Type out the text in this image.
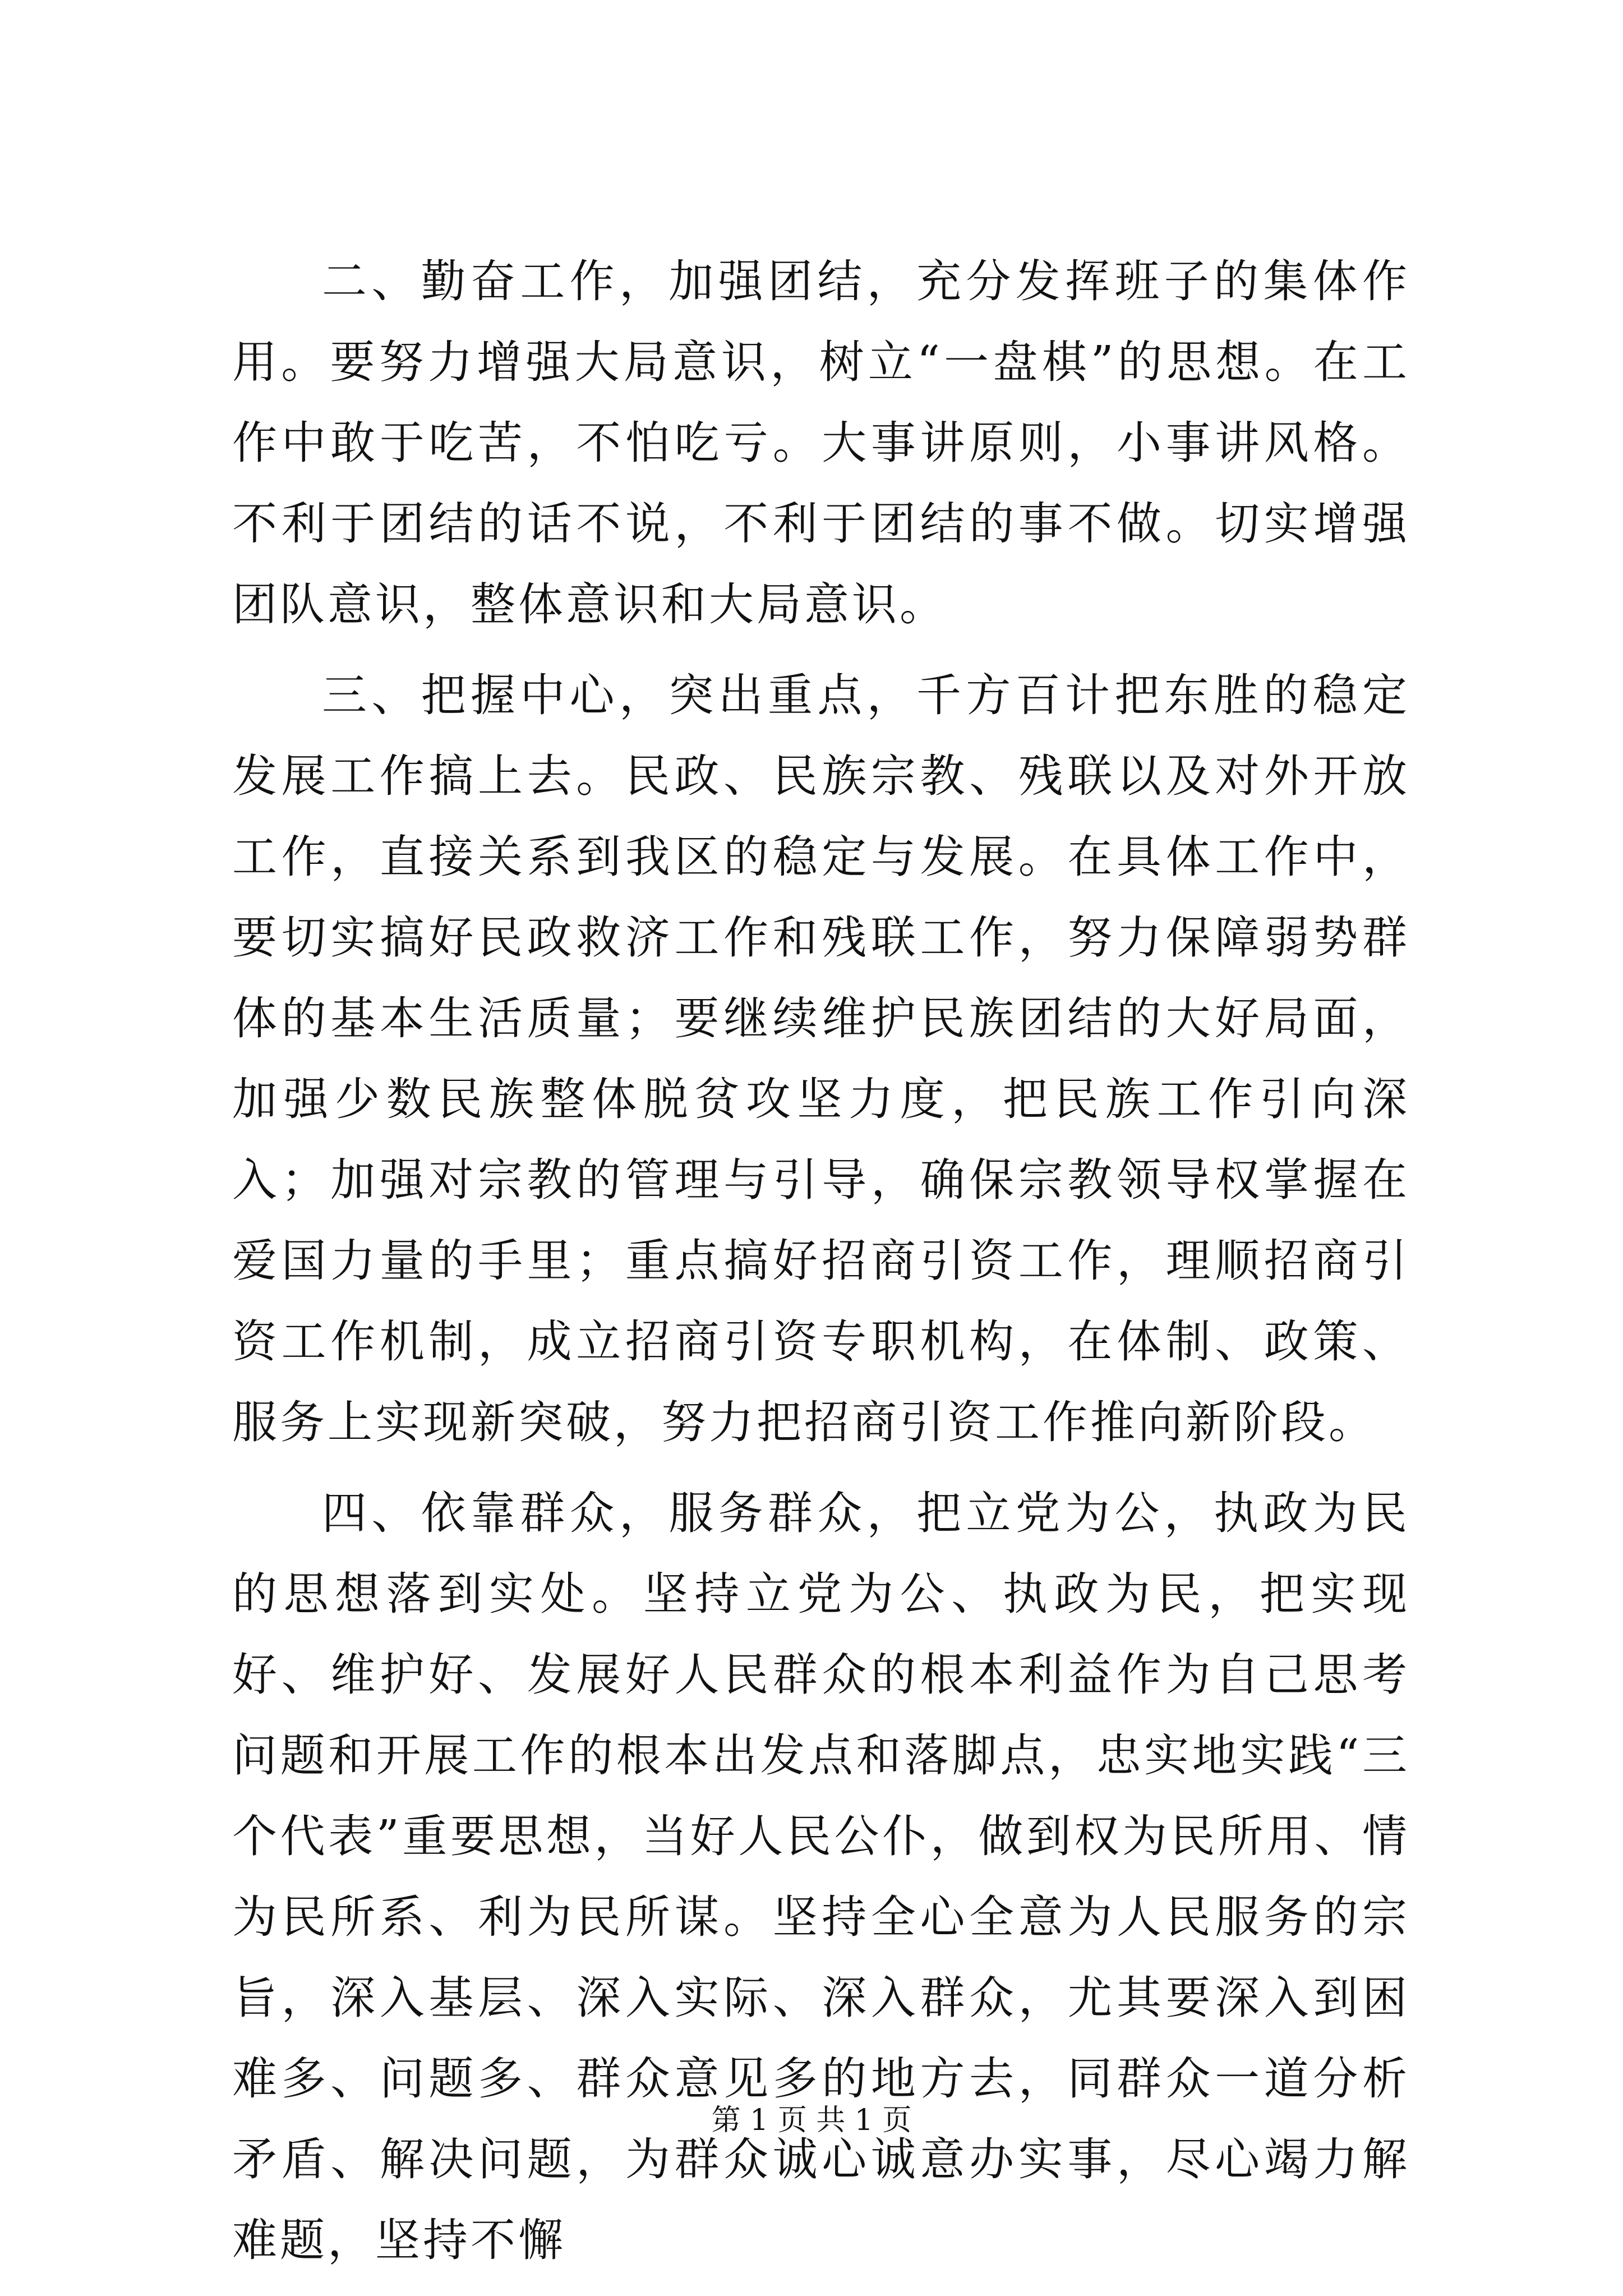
二、勤奋工作，加强团结，充分发挥班子的集体作用。要努力增强大局意识，树立“一盘棋”的思想。在工作中敢于吃苦，不怕吃亏。大事讲原则，小事讲风格。不利于团结的话不说，不利于团结的事不做。切实增强团队意识，整体意识和大局意识。

三、把握中心，突出重点，千方百计把东胜的稳定发展工作搞上去。民政、民族宗教、残联以及对外开放工作，直接关系到我区的稳定与发展。在具体工作中，要切实搞好民政救济工作和残联工作，努力保障弱势群体的基本生活质量；要继续维护民族团结的大好局面，加强少数民族整体脱贫攻坚力度，把民族工作引向深入；加强对宗教的管理与引导，确保宗教领导权掌握在爱国力量的手里；重点搞好招商引资工作，理顺招商引资工作机制，成立招商引资专职机构，在体制、政策、服务上实现新突破，努力把招商引资工作推向新阶段。

四、依靠群众，服务群众，把立党为公，执政为民的思想落到实处。坚持立党为公、执政为民，把实现好、维护好、发展好人民群众的根本利益作为自己思考问题和开展工作的根本出发点和落脚点，忠实地实践“三个代表”重要思想，当好人民公仆，做到权为民所用、情为民所系、利为民所谋。坚持全心全意为人民服务的宗旨，深入基层、深入实际、深入群众，尤其要深入到困难多、问题多、群众意见多的地方去，同群众一道分析矛盾、解决问题，为群众诚心诚意办实事，尽心竭力解难题，坚持不懈

第 1 页 共 1 页
